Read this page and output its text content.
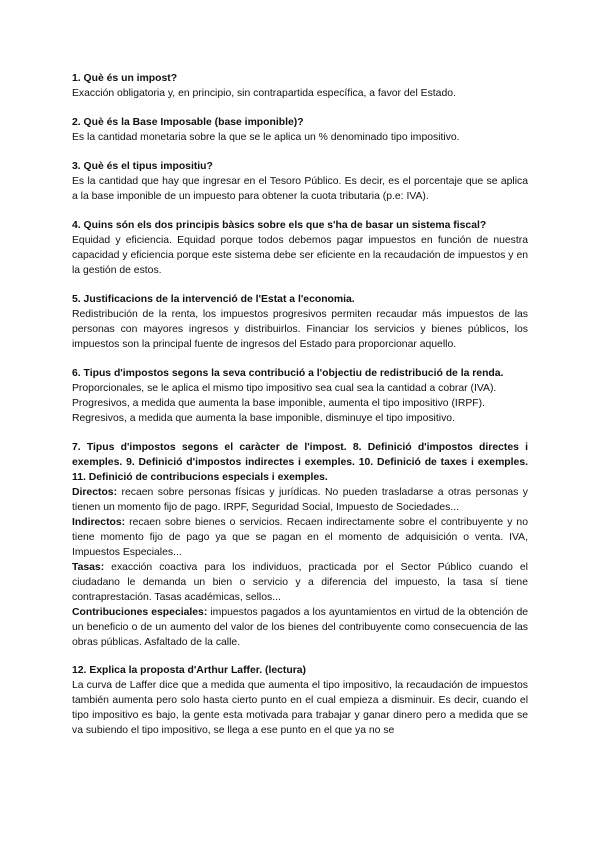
1. Què és un impost?

Exacción obligatoria y, en principio, sin contrapartida específica, a favor del Estado.

2. Què és la Base Imposable (base imponible)?

Es la cantidad monetaria sobre la que se le aplica un % denominado tipo impositivo.

3. Què és el tipus impositiu?

Es la cantidad que hay que ingresar en el Tesoro Público. Es decir, es el porcentaje que se aplica a la base imponible de un impuesto para obtener la cuota tributaria (p.e: IVA).

4. Quins són els dos principis bàsics sobre els que s'ha de basar un sistema fiscal?

Equidad y eficiencia. Equidad porque todos debemos pagar impuestos en función de nuestra capacidad y eficiencia porque este sistema debe ser eficiente en la recaudación de impuestos y en la gestión de estos.

5. Justificacions de la intervenció de l'Estat a l'economia.

Redistribución de la renta, los impuestos progresivos permiten recaudar más impuestos de las personas con mayores ingresos y distribuirlos. Financiar los servicios y bienes públicos, los impuestos son la principal fuente de ingresos del Estado para proporcionar aquello.

6. Tipus d'impostos segons la seva contribució a l'objectiu de redistribució de la renda.

Proporcionales, se le aplica el mismo tipo impositivo sea cual sea la cantidad a cobrar (IVA).

Progresivos, a medida que aumenta la base imponible, aumenta el tipo impositivo (IRPF).

Regresivos, a medida que aumenta la base imponible, disminuye el tipo impositivo.

7. Tipus d'impostos segons el caràcter de l'impost. 8. Definició d'impostos directes i exemples. 9. Definició d'impostos indirectes i exemples. 10. Definició de taxes i exemples. 11. Definició de contribucions especials i exemples.

Directos: recaen sobre personas físicas y jurídicas. No pueden trasladarse a otras personas y tienen un momento fijo de pago. IRPF, Seguridad Social, Impuesto de Sociedades...

Indirectos: recaen sobre bienes o servicios. Recaen indirectamente sobre el contribuyente y no tiene momento fijo de pago ya que se pagan en el momento de adquisición o venta. IVA, Impuestos Especiales...

Tasas: exacción coactiva para los individuos, practicada por el Sector Público cuando el ciudadano le demanda un bien o servicio y a diferencia del impuesto, la tasa sí tiene contraprestación. Tasas académicas, sellos...

Contribuciones especiales: impuestos pagados a los ayuntamientos en virtud de la obtención de un beneficio o de un aumento del valor de los bienes del contribuyente como consecuencia de las obras públicas. Asfaltado de la calle.

12. Explica la proposta d'Arthur Laffer. (lectura)

La curva de Laffer dice que a medida que aumenta el tipo impositivo, la recaudación de impuestos también aumenta pero solo hasta cierto punto en el cual empieza a disminuir. Es decir, cuando el tipo impositivo es bajo, la gente esta motivada para trabajar y ganar dinero pero a medida que se va subiendo el tipo impositivo, se llega a ese punto en el que ya no se
